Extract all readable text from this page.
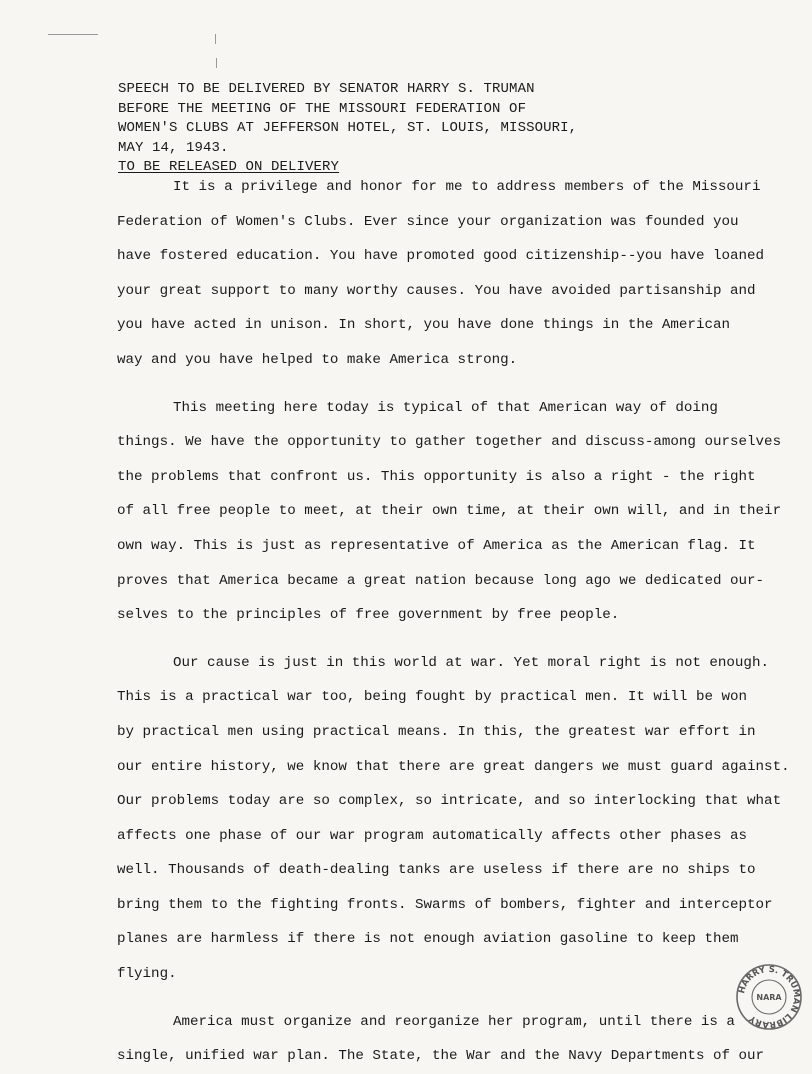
SPEECH TO BE DELIVERED BY SENATOR HARRY S. TRUMAN
BEFORE THE MEETING OF THE MISSOURI FEDERATION OF
WOMEN'S CLUBS AT JEFFERSON HOTEL, ST. LOUIS, MISSOURI,
MAY 14, 1943.
TO BE RELEASED ON DELIVERY
It is a privilege and honor for me to address members of the Missouri
Federation of Women's Clubs. Ever since your organization was founded you
have fostered education. You have promoted good citizenship--you have loaned
your great support to many worthy causes. You have avoided partisanship and
you have acted in unison. In short, you have done things in the American
way and you have helped to make America strong.
This meeting here today is typical of that American way of doing
things. We have the opportunity to gather together and discuss-among ourselves
the problems that confront us. This opportunity is also a right - the right
of all free people to meet, at their own time, at their own will, and in their
own way. This is just as representative of America as the American flag. It
proves that America became a great nation because long ago we dedicated our-
selves to the principles of free government by free people.
Our cause is just in this world at war. Yet moral right is not enough.
This is a practical war too, being fought by practical men. It will be won
by practical men using practical means. In this, the greatest war effort in
our entire history, we know that there are great dangers we must guard against.
Our problems today are so complex, so intricate, and so interlocking that what
affects one phase of our war program automatically affects other phases as
well. Thousands of death-dealing tanks are useless if there are no ships to
bring them to the fighting fronts. Swarms of bombers, fighter and interceptor
planes are harmless if there is not enough aviation gasoline to keep them
flying.
America must organize and reorganize her program, until there is a
single, unified war plan. The State, the War and the Navy Departments of our
HARRY S. TRUMAN LIBRARY
NARA
